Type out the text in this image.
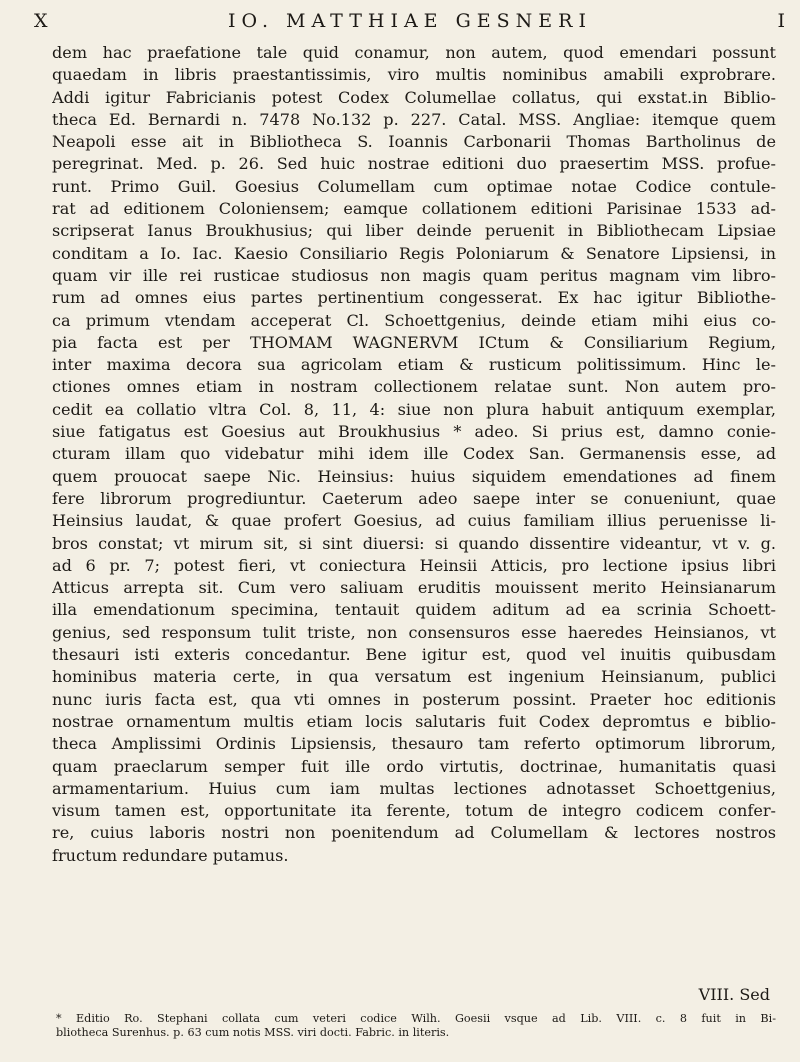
X	IO. MATTHIAE GESNERI	I
dem hac praefatione tale quid conamur, non autem, quod emendari possunt
quaedam in libris praestantissimis, viro multis nominibus amabili exprobrare.
Addi igitur Fabricianis potest Codex Columellae collatus, qui exstat.in Biblio-
theca Ed. Bernardi n. 7478 No.132 p. 227. Catal. MSS. Angliae: itemque quem
Neapoli esse ait in Bibliotheca S. Ioannis Carbonarii Thomas Bartholinus de
peregrinat. Med. p. 26. Sed huic nostrae editioni duo praesertim MSS. profue-
runt. Primo Guil. Goesius Columellam cum optimae notae Codice contule-
rat ad editionem Coloniensem; eamque collationem editioni Parisinae 1533 ad-
scripserat Ianus Broukhusius; qui liber deinde peruenit in Bibliothecam Lipsiae
conditam a Io. Iac. Kaesio Consiliario Regis Poloniarum & Senatore Lipsiensi, in
quam vir ille rei rusticae studiosus non magis quam peritus magnam vim libro-
rum ad omnes eius partes pertinentium congesserat. Ex hac igitur Bibliothe-
ca primum vtendam acceperat Cl. Schoettgenius, deinde etiam mihi eius co-
pia facta est per THOMAM WAGNERVM ICtum & Consiliarium Regium,
inter maxima decora sua agricolam etiam & rusticum politissimum. Hinc le-
ctiones omnes etiam in nostram collectionem relatae sunt. Non autem pro-
cedit ea collatio vltra Col. 8, 11, 4: siue non plura habuit antiquum exemplar,
siue fatigatus est Goesius aut Broukhusius * adeo. Si prius est, damno conie-
cturam illam quo videbatur mihi idem ille Codex San. Germanensis esse, ad
quem prouocat saepe Nic. Heinsius: huius siquidem emendationes ad finem
fere librorum progrediuntur. Caeterum adeo saepe inter se conueniunt, quae
Heinsius laudat, & quae profert Goesius, ad cuius familiam illius peruenisse li-
bros constat; vt mirum sit, si sint diuersi: si quando dissentire videantur, vt v. g.
ad 6 pr. 7; potest fieri, vt coniectura Heinsii Atticis, pro lectione ipsius libri
Atticus arrepta sit. Cum vero saliuam eruditis mouissent merito Heinsianarum
illa emendationum specimina, tentauit quidem aditum ad ea scrinia Schoett-
genius, sed responsum tulit triste, non consensuros esse haeredes Heinsianos, vt
thesauri isti exteris concedantur. Bene igitur est, quod vel inuitis quibusdam
hominibus materia certe, in qua versatum est ingenium Heinsianum, publici
nunc iuris facta est, qua vti omnes in posterum possint. Praeter hoc editionis
nostrae ornamentum multis etiam locis salutaris fuit Codex depromtus e biblio-
theca Amplissimi Ordinis Lipsiensis, thesauro tam referto optimorum librorum,
quam praeclarum semper fuit ille ordo virtutis, doctrinae, humanitatis quasi
armamentarium. Huius cum iam multas lectiones adnotasset Schoettgenius,
visum tamen est, opportunitate ita ferente, totum de integro codicem confer-
re, cuius laboris nostri non poenitendum ad Columellam & lectores nostros
fructum redundare putamus.
VIII. Sed
* Editio Ro. Stephani collata cum veteri codice Wilh. Goesii vsque ad Lib. VIII. c. 8 fuit in Bi-
bliotheca Surenhus. p. 63 cum notis MSS. viri docti. Fabric. in literis.
